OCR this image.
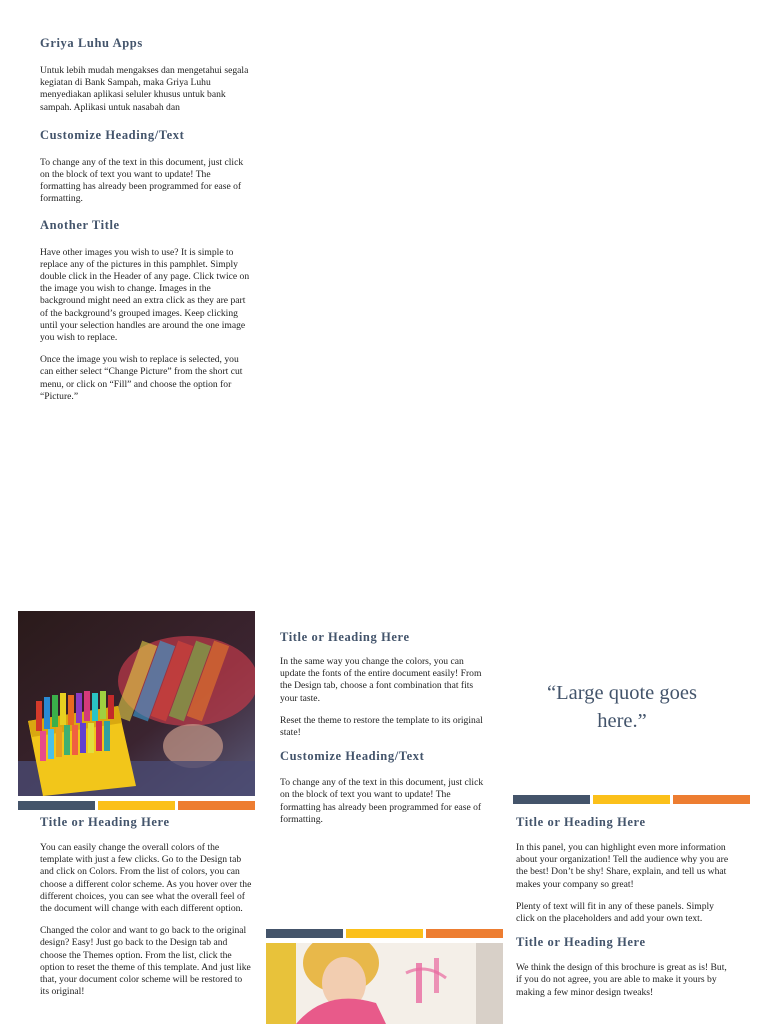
Griya Luhu Apps

Untuk lebih mudah mengakses dan mengetahui segala kegiatan di Bank Sampah, maka Griya Luhu menyediakan aplikasi seluler khusus untuk bank sampah. Aplikasi untuk nasabah dan

Customize Heading/Text

To change any of the text in this document, just click on the block of text you want to update! The formatting has already been programmed for ease of formatting.

Another Title

Have other images you wish to use? It is simple to replace any of the pictures in this pamphlet. Simply double click in the Header of any page. Click twice on the image you wish to change. Images in the background might need an extra click as they are part of the background’s grouped images. Keep clicking until your selection handles are around the one image you wish to replace.

Once the image you wish to replace is selected, you can either select “Change Picture” from the short cut menu, or click on “Fill” and choose the option for “Picture.”

Title or Heading Here

You can easily change the overall colors of the template with just a few clicks. Go to the Design tab and click on Colors. From the list of colors, you can choose a different color scheme. As you hover over the different choices, you can see what the overall feel of the document will change with each different option.

Changed the color and want to go back to the original design? Easy! Just go back to the Design tab and choose the Themes option. From the list, click the option to reset the theme of this template. And just like that, your document color scheme will be restored to its original!

Title or Heading Here

In the same way you change the colors, you can update the fonts of the entire document easily! From the Design tab, choose a font combination that fits your taste.

Reset the theme to restore the template to its original state!

Customize Heading/Text

To change any of the text in this document, just click on the block of text you want to update! The formatting has already been programmed for ease of formatting.

“Large quote goes here.”
Title or Heading Here

In this panel, you can highlight even more information about your organization! Tell the audience why you are the best! Don’t be shy! Share, explain, and tell us what makes your company so great!

Plenty of text will fit in any of these panels. Simply click on the placeholders and add your own text.

Title or Heading Here

We think the design of this brochure is great as is! But, if you do not agree, you are able to make it yours by making a few minor design tweaks!
